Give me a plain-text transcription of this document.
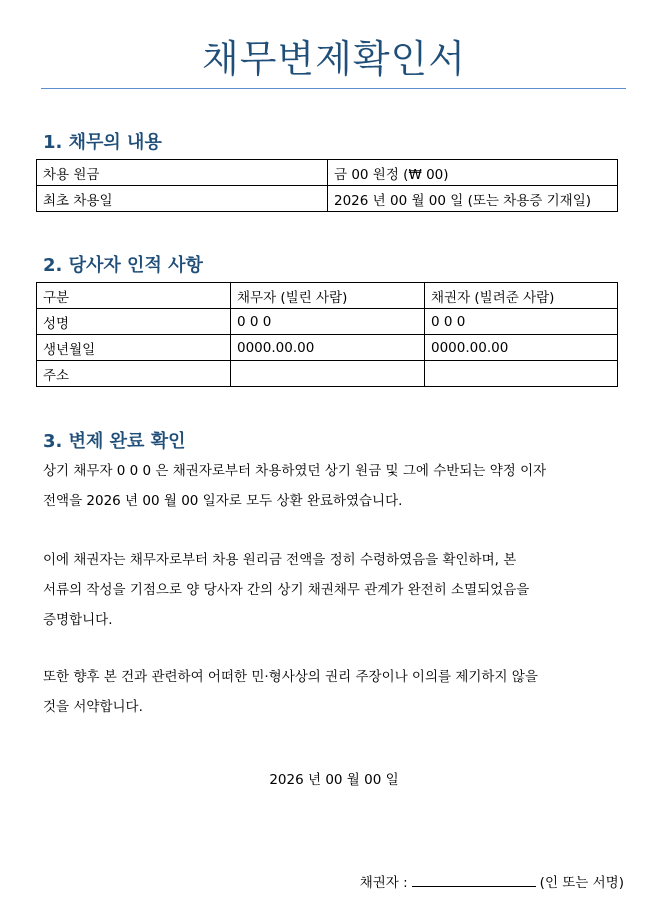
채무변제확인서
1. 채무의 내용
차용 원금	금 00 원정 (₩ 00)
최초 차용일	2026 년 00 월 00 일 (또는 차용증 기재일)
2. 당사자 인적 사항
구분	채무자 (빌린 사람)	채권자 (빌려준 사람)
성명	0 0 0	0 0 0
생년월일	0000.00.00	0000.00.00
주소		
3. 변제 완료 확인

상기 채무자 0 0 0 은 채권자로부터 차용하였던 상기 원금 및 그에 수반되는 약정 이자
전액을 2026 년 00 월 00 일자로 모두 상환 완료하였습니다.

이에 채권자는 채무자로부터 차용 원리금 전액을 정히 수령하였음을 확인하며, 본
서류의 작성을 기점으로 양 당사자 간의 상기 채권채무 관계가 완전히 소멸되었음을
증명합니다.

또한 향후 본 건과 관련하여 어떠한 민·형사상의 권리 주장이나 이의를 제기하지 않을
것을 서약합니다.

2026 년 00 월 00 일

채권자 :	(인 또는 서명)
